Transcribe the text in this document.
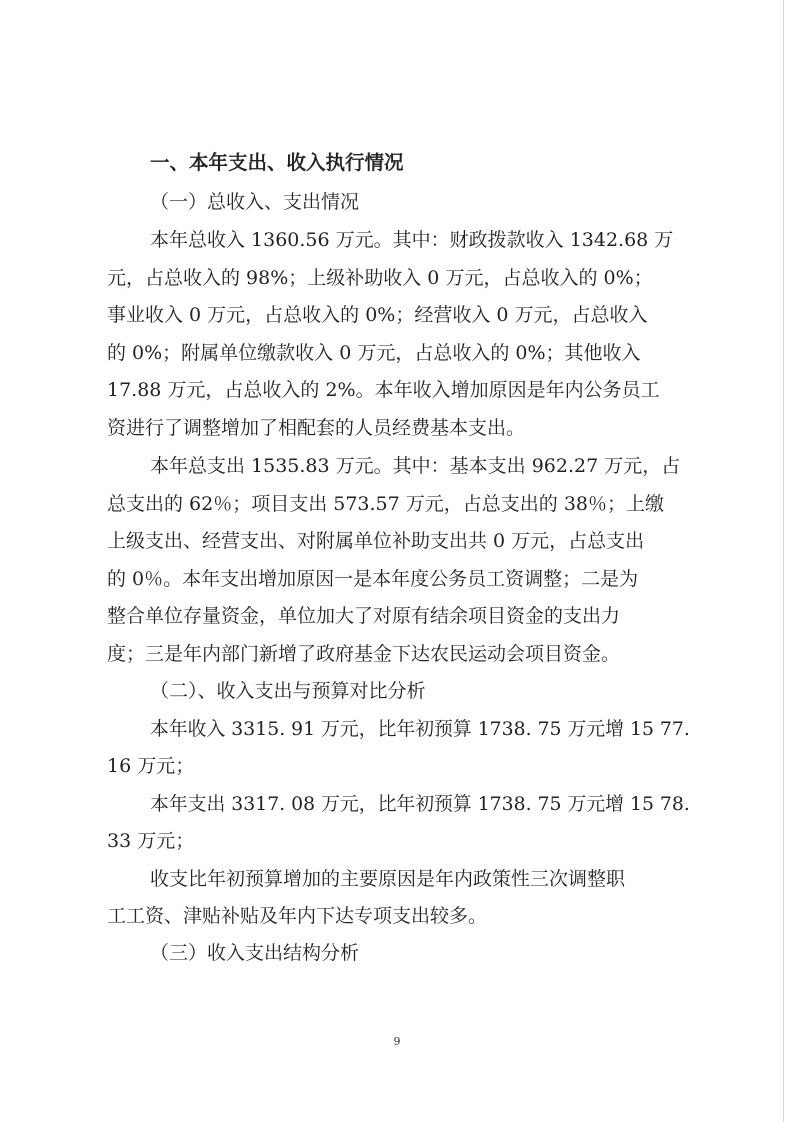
一、本年支出、收入执行情况
（一）总收入、支出情况
本年总收入 1360.56 万元。其中：财政拨款收入 1342.68 万
元，占总收入的 98%；上级补助收入 0 万元，占总收入的 0%；
事业收入 0 万元，占总收入的 0%；经营收入 0 万元，占总收入
的 0%；附属单位缴款收入 0 万元，占总收入的 0%；其他收入
17.88 万元，占总收入的 2%。本年收入增加原因是年内公务员工
资进行了调整增加了相配套的人员经费基本支出。
本年总支出 1535.83 万元。其中：基本支出 962.27 万元，占
总支出的 62％；项目支出 573.57 万元，占总支出的 38％；上缴
上级支出、经营支出、对附属单位补助支出共 0 万元，占总支出
的 0％。本年支出增加原因一是本年度公务员工资调整；二是为
整合单位存量资金，单位加大了对原有结余项目资金的支出力
度；三是年内部门新增了政府基金下达农民运动会项目资金。
（二）、收入支出与预算对比分析
本年收入 3315. 91 万元，比年初预算 1738. 75 万元增 15 77.
16 万元；
本年支出 3317. 08 万元，比年初预算 1738. 75 万元增 15 78.
33 万元；
收支比年初预算增加的主要原因是年内政策性三次调整职
工工资、津贴补贴及年内下达专项支出较多。
（三）收入支出结构分析
9
